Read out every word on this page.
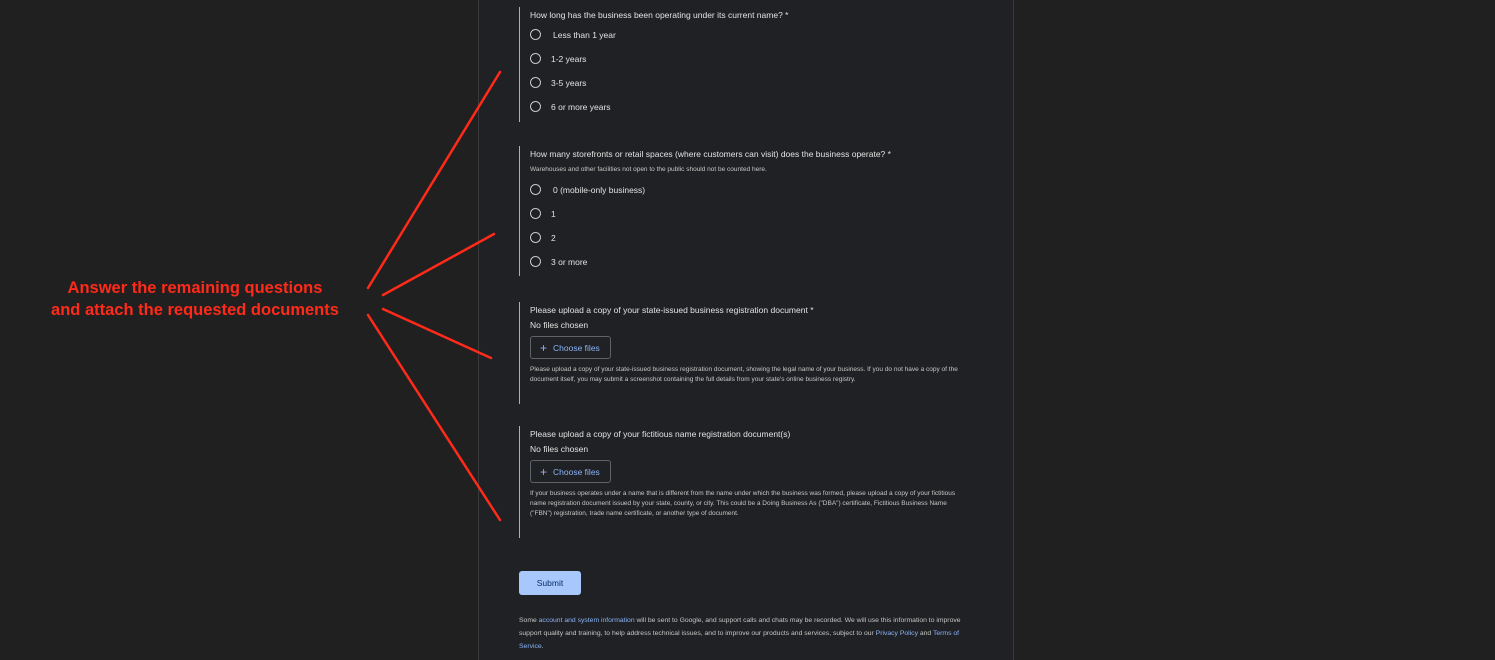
How long has the business been operating under its current name? *
Less than 1 year
1-2 years
3-5 years
6 or more years
How many storefronts or retail spaces (where customers can visit) does the business operate? *
Warehouses and other facilities not open to the public should not be counted here.
0 (mobile-only business)
1
2
3 or more
Please upload a copy of your state-issued business registration document *
No files chosen
+ Choose files
Please upload a copy of your state-issued business registration document, showing the legal name of your business. If you do not have a copy of the document itself, you may submit a screenshot containing the full details from your state's online business registry.
Please upload a copy of your fictitious name registration document(s)
No files chosen
+ Choose files
If your business operates under a name that is different from the name under which the business was formed, please upload a copy of your fictitious name registration document issued by your state, county, or city. This could be a Doing Business As ("DBA") certificate, Fictitious Business Name ("FBN") registration, trade name certificate, or another type of document.
Submit
Some account and system information will be sent to Google, and support calls and chats may be recorded. We will use this information to improve support quality and training, to help address technical issues, and to improve our products and services, subject to our Privacy Policy and Terms of Service.
Answer the remaining questions
and attach the requested documents
